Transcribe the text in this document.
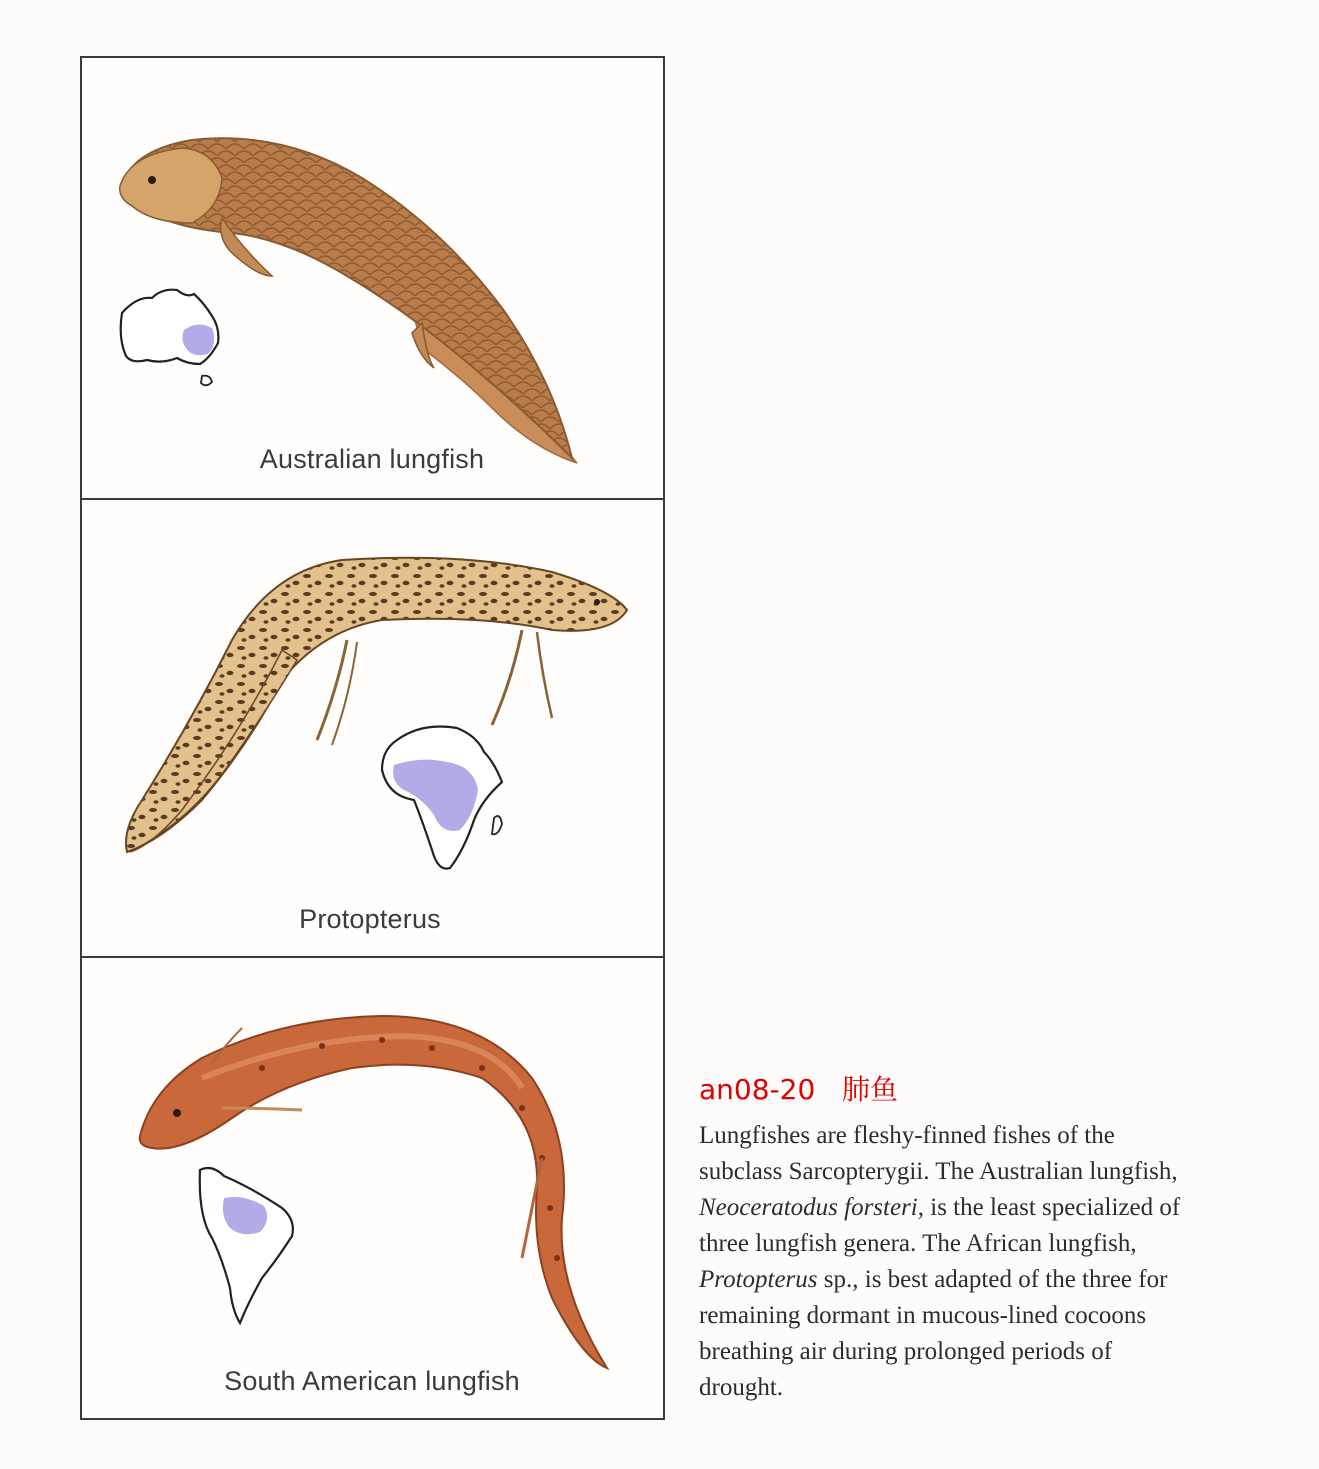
Australian lungfish
Protopterus
South American lungfish
an08-20   肺鱼
Lungfishes are fleshy-finned fishes of the
subclass Sarcopterygii. The Australian lungfish,
Neoceratodus forsteri, is the least specialized of
three lungfish genera. The African lungfish,
Protopterus sp., is best adapted of the three for
remaining dormant in mucous-lined cocoons
breathing air during prolonged periods of
drought.
